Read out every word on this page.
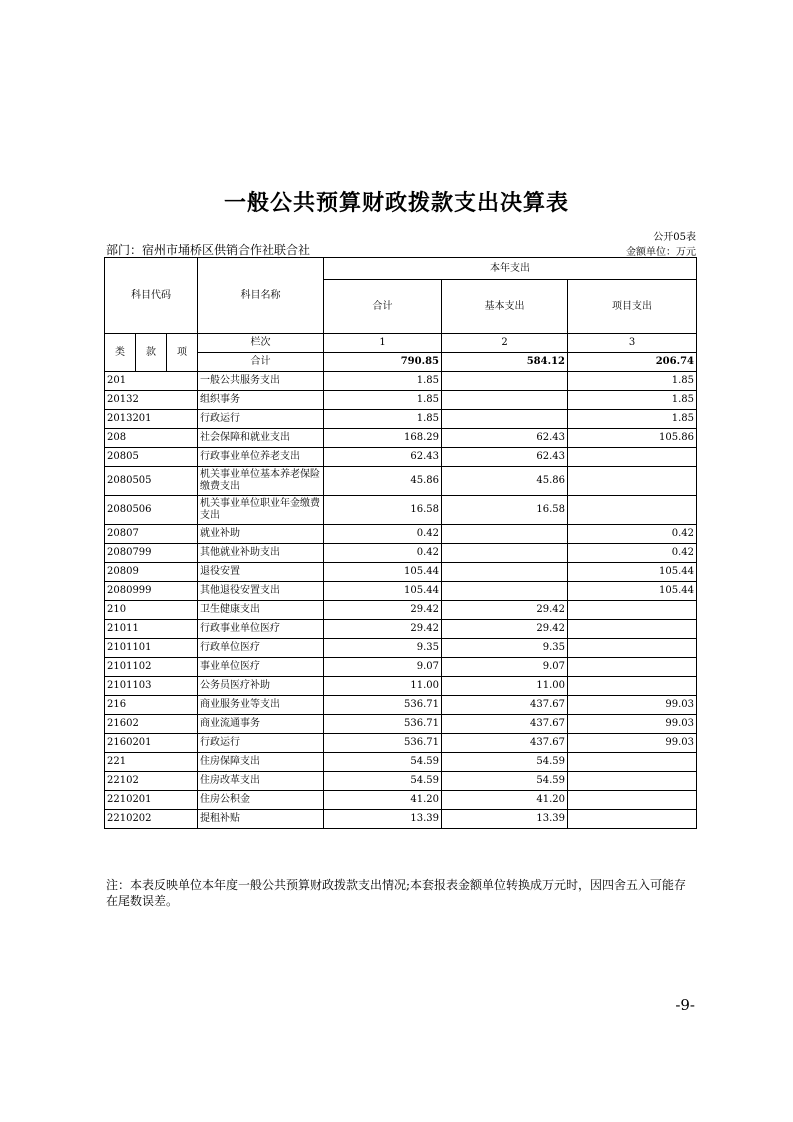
一般公共预算财政拨款支出决算表
公开05表
部门：宿州市埇桥区供销合作社联合社	金额单位：万元
科目代码			科目名称	本年支出		
				合计	基本支出	项目支出

类	款	项	栏次	1	2	3
			合计	790.85	584.12	206.74
201			一般公共服务支出	1.85		1.85
20132			组织事务	1.85		1.85
2013201			行政运行	1.85		1.85
208			社会保障和就业支出	168.29	62.43	105.86
20805			行政事业单位养老支出	62.43	62.43	
2080505			机关事业单位基本养老保险缴费支出	45.86	45.86	
2080506			机关事业单位职业年金缴费支出	16.58	16.58	
20807			就业补助	0.42		0.42
2080799			其他就业补助支出	0.42		0.42
20809			退役安置	105.44		105.44
2080999			其他退役安置支出	105.44		105.44
210			卫生健康支出	29.42	29.42	
21011			行政事业单位医疗	29.42	29.42	
2101101			行政单位医疗	9.35	9.35	
2101102			事业单位医疗	9.07	9.07	
2101103			公务员医疗补助	11.00	11.00	
216			商业服务业等支出	536.71	437.67	99.03
21602			商业流通事务	536.71	437.67	99.03
2160201			行政运行	536.71	437.67	99.03
221			住房保障支出	54.59	54.59	
22102			住房改革支出	54.59	54.59	
2210201			住房公积金	41.20	41.20	
2210202			提租补贴	13.39	13.39	
注：本表反映单位本年度一般公共预算财政拨款支出情况;本套报表金额单位转换成万元时，因四舍五入可能存在尾数误差。
-9-
